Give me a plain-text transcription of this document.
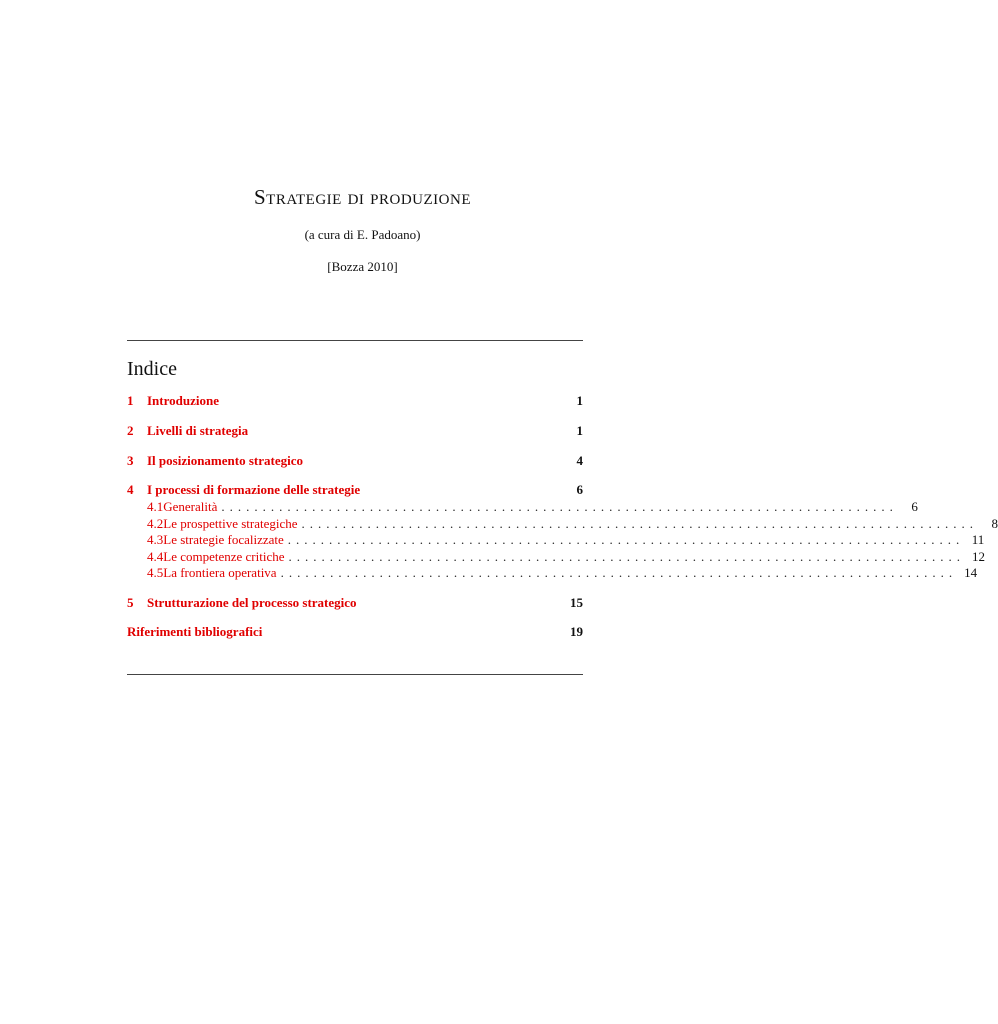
Strategie di produzione
(a cura di E. Padoano)
[Bozza 2010]
Indice
1	Introduzione	1
2	Livelli di strategia	1
3	Il posizionamento strategico	4
4	I processi di formazione delle strategie	6
4.1 Generalità ..................................................................................	6
4.2 Le prospettive strategiche ..................................................................................	8
4.3 Le strategie focalizzate .................................................................................. 11
4.4 Le competenze critiche .................................................................................. 12
4.5 La frontiera operativa .................................................................................. 14
5	Strutturazione del processo strategico	15
Riferimenti bibliografici	19
